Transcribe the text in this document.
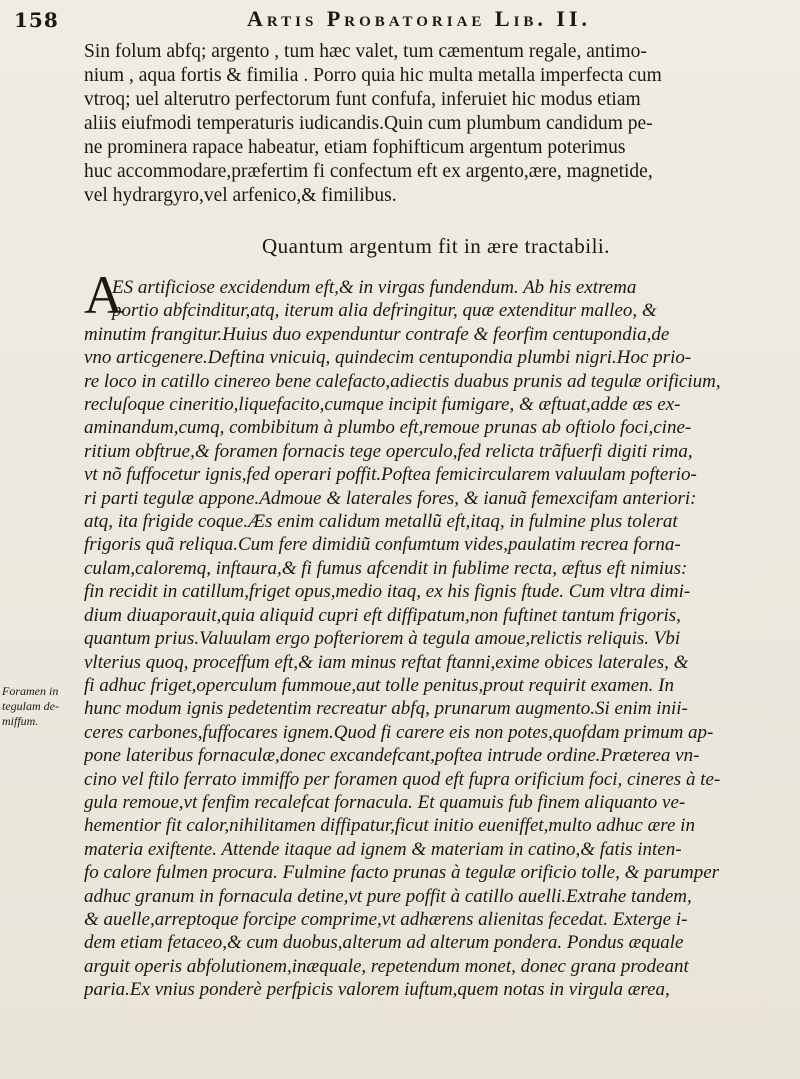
158	Artis Probatoriae Lib. II.
Sin folum abfq; argento , tum hæc valet, tum cæmentum regale, antimo-
nium , aqua fortis & fimilia . Porro quia hic multa metalla imperfecta cum
vtroq; uel alterutro perfectorum funt confufa, inferuiet hic modus etiam
aliis eiufmodi temperaturis iudicandis.Quin cum plumbum candidum pe-
ne prominera rapace habeatur, etiam fophifticum argentum poterimus
huc accommodare,præfertim fi confectum eft ex argento,ære, magnetide,
vel hydrargyro,vel arfenico,& fimilibus.
Quantum argentum fit in ære tractabili.
A
ES artificiose excidendum eft,& in virgas fundendum. Ab his extrema
portio abfcinditur,atq, iterum alia defringitur, quæ extenditur malleo, &
minutim frangitur.Huius duo expenduntur contrafe & feorfim centupondia,de
vno articgenere.Deftina vnicuiq, quindecim centupondia plumbi nigri.Hoc prio-
re loco in catillo cinereo bene calefacto,adiectis duabus prunis ad tegulæ orificium,
recluſoque cineritio,liquefacito,cumque incipit fumigare, & æftuat,adde æs ex-
aminandum,cumq, combibitum à plumbo eft,remoue prunas ab oftiolo foci,cine-
ritium obftrue,& foramen fornacis tege operculo,fed relicta trãfuerfi digiti rima,
vt nõ fuffocetur ignis,fed operari poffit.Poftea femicircularem valuulam pofterio-
ri parti tegulæ appone.Admoue & laterales fores, & ianuã femexcifam anteriori:
atq, ita frigide coque.Æs enim calidum metallũ eft,itaq, in fulmine plus tolerat
frigoris quã reliqua.Cum fere dimidiũ confumtum vides,paulatim recrea forna-
culam,caloremq, inftaura,& fi fumus afcendit in fublime recta, æftus eft nimius:
fin recidit in catillum,friget opus,medio itaq, ex his fignis ftude. Cum vltra dimi-
dium diuaporauit,quia aliquid cupri eft diffipatum,non fuftinet tantum frigoris,
quantum prius.Valuulam ergo pofteriorem à tegula amoue,relictis reliquis. Vbi
vlterius quoq, proceffum eft,& iam minus reftat ftanni,exime obices laterales, &
fi adhuc friget,operculum fummoue,aut tolle penitus,prout requirit examen. In
hunc modum ignis pedetentim recreatur abfq, prunarum augmento.Si enim inii-
ceres carbones,fuffocares ignem.Quod fi carere eis non potes,quofdam primum ap-
pone lateribus fornaculæ,donec excandefcant,poftea intrude ordine.Præterea vn-
cino vel ftilo ferrato immiffo per foramen quod eft fupra orificium foci, cineres à te-
gula remoue,vt fenfim recalefcat fornacula. Et quamuis fub finem aliquanto ve-
hementior fit calor,nihilitamen diffipatur,ficut initio eueniffet,multo adhuc ære in
materia exiftente. Attende itaque ad ignem & materiam in catino,& fatis inten-
fo calore fulmen procura. Fulmine facto prunas à tegulæ orificio tolle, & parumper
adhuc granum in fornacula detine,vt pure poffit à catillo auelli.Extrahe tandem,
& auelle,arreptoque forcipe comprime,vt adhærens alienitas fecedat. Exterge i-
dem etiam fetaceo,& cum duobus,alterum ad alterum pondera. Pondus æquale
arguit operis abfolutionem,inæquale, repetendum monet, donec grana prodeant
paria.Ex vnius ponderè perfpicis valorem iuftum,quem notas in virgula ærea,
Foramen in
tegulam de-
miffum.
